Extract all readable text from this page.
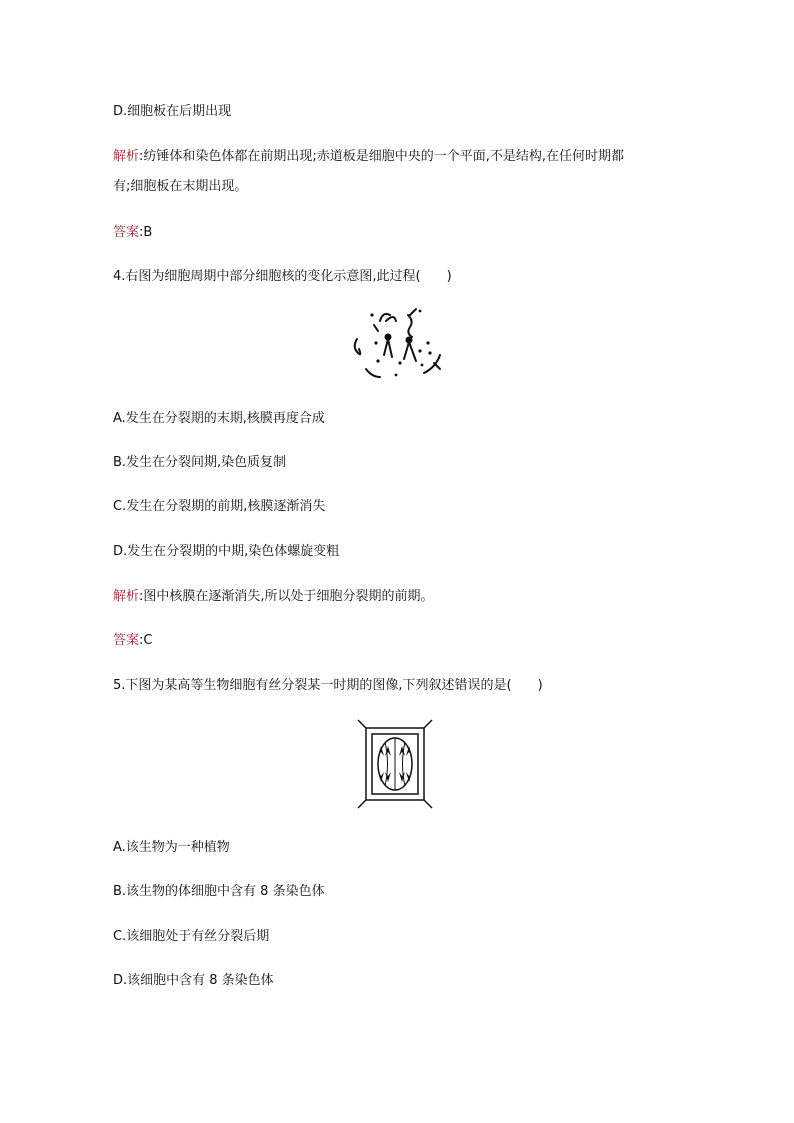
D.细胞板在后期出现
解析:纺锤体和染色体都在前期出现;赤道板是细胞中央的一个平面,不是结构,在任何时期都
有;细胞板在末期出现。
答案:B
4.右图为细胞周期中部分细胞核的变化示意图,此过程(　　)
A.发生在分裂期的末期,核膜再度合成
B.发生在分裂间期,染色质复制
C.发生在分裂期的前期,核膜逐渐消失
D.发生在分裂期的中期,染色体螺旋变粗
解析:图中核膜在逐渐消失,所以处于细胞分裂期的前期。
答案:C
5.下图为某高等生物细胞有丝分裂某一时期的图像,下列叙述错误的是(　　)
A.该生物为一种植物
B.该生物的体细胞中含有 8 条染色体
C.该细胞处于有丝分裂后期
D.该细胞中含有 8 条染色体
